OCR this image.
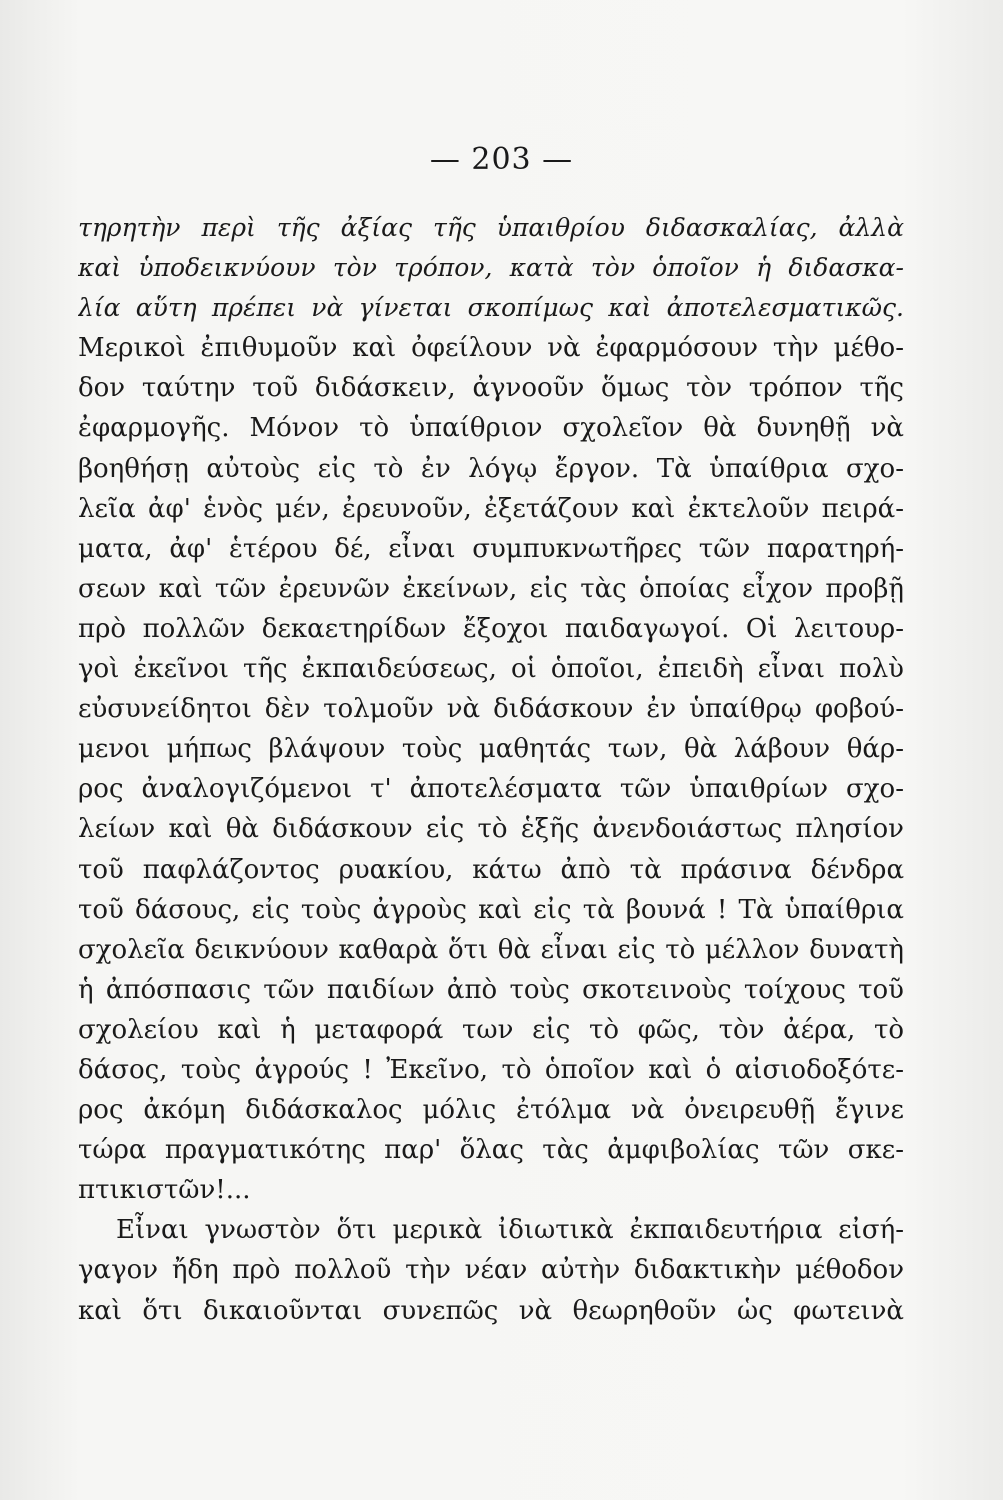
— 203 —
τηρητὴν περὶ τῆς ἀξίας τῆς ὑπαιθρίου διδασκαλίας, ἀλλὰ
καὶ ὑποδεικνύουν τὸν τρόπον, κατὰ τὸν ὁποῖον ἡ διδασκα-
λία αὕτη πρέπει νὰ γίνεται σκοπίμως καὶ ἀποτελεσματικῶς.
Μερικοὶ ἐπιθυμοῦν καὶ ὀφείλουν νὰ ἐφαρμόσουν τὴν μέθο-
δον ταύτην τοῦ διδάσκειν, ἀγνοοῦν ὅμως τὸν τρόπον τῆς
ἐφαρμογῆς. Μόνον τὸ ὑπαίθριον σχολεῖον θὰ δυνηθῇ νὰ
βοηθήσῃ αὐτοὺς εἰς τὸ ἐν λόγῳ ἔργον. Τὰ ὑπαίθρια σχο-
λεῖα ἀφ' ἑνὸς μέν, ἐρευνοῦν, ἐξετάζουν καὶ ἐκτελοῦν πειρά-
ματα, ἀφ' ἑτέρου δέ, εἶναι συμπυκνωτῆρες τῶν παρατηρή-
σεων καὶ τῶν ἐρευνῶν ἐκείνων, εἰς τὰς ὁποίας εἶχον προβῇ
πρὸ πολλῶν δεκαετηρίδων ἔξοχοι παιδαγωγοί. Οἱ λειτουρ-
γοὶ ἐκεῖνοι τῆς ἐκπαιδεύσεως, οἱ ὁποῖοι, ἐπειδὴ εἶναι πολὺ
εὐσυνείδητοι δὲν τολμοῦν νὰ διδάσκουν ἐν ὑπαίθρῳ φοβού-
μενοι μήπως βλάψουν τοὺς μαθητάς των, θὰ λάβουν θάρ-
ρος ἀναλογιζόμενοι τ' ἀποτελέσματα τῶν ὑπαιθρίων σχο-
λείων καὶ θὰ διδάσκουν εἰς τὸ ἑξῆς ἀνενδοιάστως πλησίον
τοῦ παφλάζοντος ρυακίου, κάτω ἀπὸ τὰ πράσινα δένδρα
τοῦ δάσους, εἰς τοὺς ἀγροὺς καὶ εἰς τὰ βουνά ! Τὰ ὑπαίθρια
σχολεῖα δεικνύουν καθαρὰ ὅτι θὰ εἶναι εἰς τὸ μέλλον δυνατὴ
ἡ ἀπόσπασις τῶν παιδίων ἀπὸ τοὺς σκοτεινοὺς τοίχους τοῦ
σχολείου καὶ ἡ μεταφορά των εἰς τὸ φῶς, τὸν ἀέρα, τὸ
δάσος, τοὺς ἀγρούς ! Ἐκεῖνο, τὸ ὁποῖον καὶ ὁ αἰσιοδοξότε-
ρος ἀκόμη διδάσκαλος μόλις ἐτόλμα νὰ ὀνειρευθῇ ἔγινε
τώρα πραγματικότης παρ' ὅλας τὰς ἀμφιβολίας τῶν σκε-
πτικιστῶν!...
Εἶναι γνωστὸν ὅτι μερικὰ ἰδιωτικὰ ἐκπαιδευτήρια εἰσή-
γαγον ἤδη πρὸ πολλοῦ τὴν νέαν αὐτὴν διδακτικὴν μέθοδον
καὶ ὅτι δικαιοῦνται συνεπῶς νὰ θεωρηθοῦν ὡς φωτεινὰ
